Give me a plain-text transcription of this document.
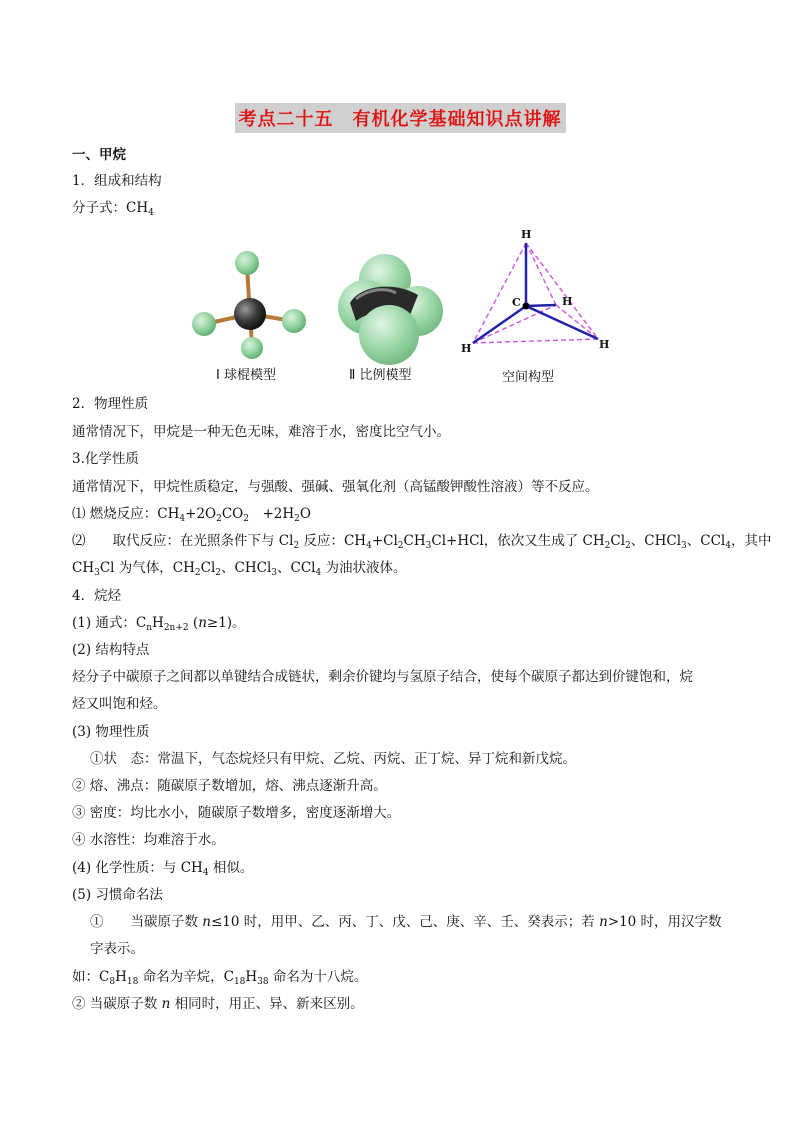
考点二十五　有机化学基础知识点讲解
一、甲烷
1．组成和结构
分子式：$CH_4$
H
C	H
H	H
Ⅰ 球棍模型	Ⅱ 比例模型	空间构型
2．物理性质
通常情况下，甲烷是一种无色无味，难溶于水，密度比空气小。
3.化学性质
通常情况下，甲烷性质稳定，与强酸、强碱、强氧化剂（高锰酸钾酸性溶液）等不反应。
⑴ 燃烧反应：$CH_4+2O_2CO_2$　$+2H_2O$
⑵　　取代反应：在光照条件下与 $Cl_2$ 反应：$CH_4+Cl_2CH_3Cl+HCl$，依次又生成了 $CH_2Cl_2$、CHCl$_3$、CCl$_4$，其中
$CH_3Cl$ 为气体，$CH_2Cl_2$、CHCl$_3$、CCl$_4$ 为油状液体。
4．烷烃
(1) 通式：$C_nH_{2n+2}$ (n≥1)。
(2) 结构特点
烃分子中碳原子之间都以单键结合成链状，剩余价键均与氢原子结合，使每个碳原子都达到价键饱和，烷
烃又叫饱和烃。
(3) 物理性质
①状　态：常温下，气态烷烃只有甲烷、乙烷、丙烷、正丁烷、异丁烷和新戊烷。
② 熔、沸点：随碳原子数增加，熔、沸点逐渐升高。
③ 密度：均比水小，随碳原子数增多，密度逐渐增大。
④ 水溶性：均难溶于水。
(4) 化学性质：与 $CH_4$ 相似。
(5) 习惯命名法
①　　当碳原子数 n≤10 时，用甲、乙、丙、丁、戊、己、庚、辛、壬、癸表示；若 n>10 时，用汉字数
字表示。
如：$C_8H_{18}$ 命名为辛烷，$C_{18}H_{38}$ 命名为十八烷。
② 当碳原子数 n 相同时，用正、异、新来区别。
